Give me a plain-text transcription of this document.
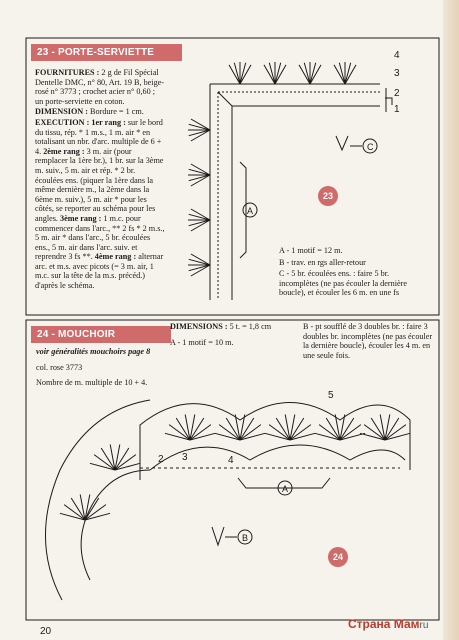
23 - PORTE-SERVIETTE

FOURNITURES : 2 g de Fil Spécial Dentelle DMC, n° 80, Art. 19 B, beige-rosé n° 3773 ; crochet acier n° 0,60 ; un porte-serviette en coton.

DIMENSION : Bordure = 1 cm.

EXECUTION : 1er rang : sur le bord du tissu, rép. * 1 m.s., 1 m. air * en totalisant un nbr. d'arc. multiple de 6 + 4. 2ème rang : 3 m. air (pour remplacer la 1ère br.), 1 br. sur la 3ème m. suiv., 5 m. air et rép. * 2 br. écoulées ens. (piquer la 1ère dans la même dernière m., la 2ème dans la 6ème m. suiv.), 5 m. air * pour les côtés, se reporter au schéma pour les angles. 3ème rang : 1 m.c. pour commencer dans l'arc., ** 2 fs * 2 m.s., 5 m. air * dans l'arc., 5 br. écoulées ens., 5 m. air dans l'arc. suiv. et reprendre 3 fs **. 4ème rang : alternar arc. et m.s. avec picots (= 3 m. air, 1 m.c. sur la tête de la m.s. précéd.) d'après le schéma.

A - 1 motif = 12 m.

B - trav. en rgs aller-retour

C - 5 br. écoulées ens. : faire 5 br. incomplètes (ne pas écouler la dernière boucle), et écouler les 6 m. en une fs

23
24 - MOUCHOIR
DIMENSIONS : 5 t. = 1,8 cm
A - 1 motif = 10 m.
B - pt soufflé de 3 doubles br. : faire 3 doubles br. incomplètes (ne pas écouler la dernière boucle), écouler les 4 m. en une seule fois.

voir généralités mouchoirs page 8

col. rose 3773

Nombre de m. multiple de 10 + 4.

24
4
3
2
1
A
C
5
4
3
2
A
B
20
Страна Мамru
